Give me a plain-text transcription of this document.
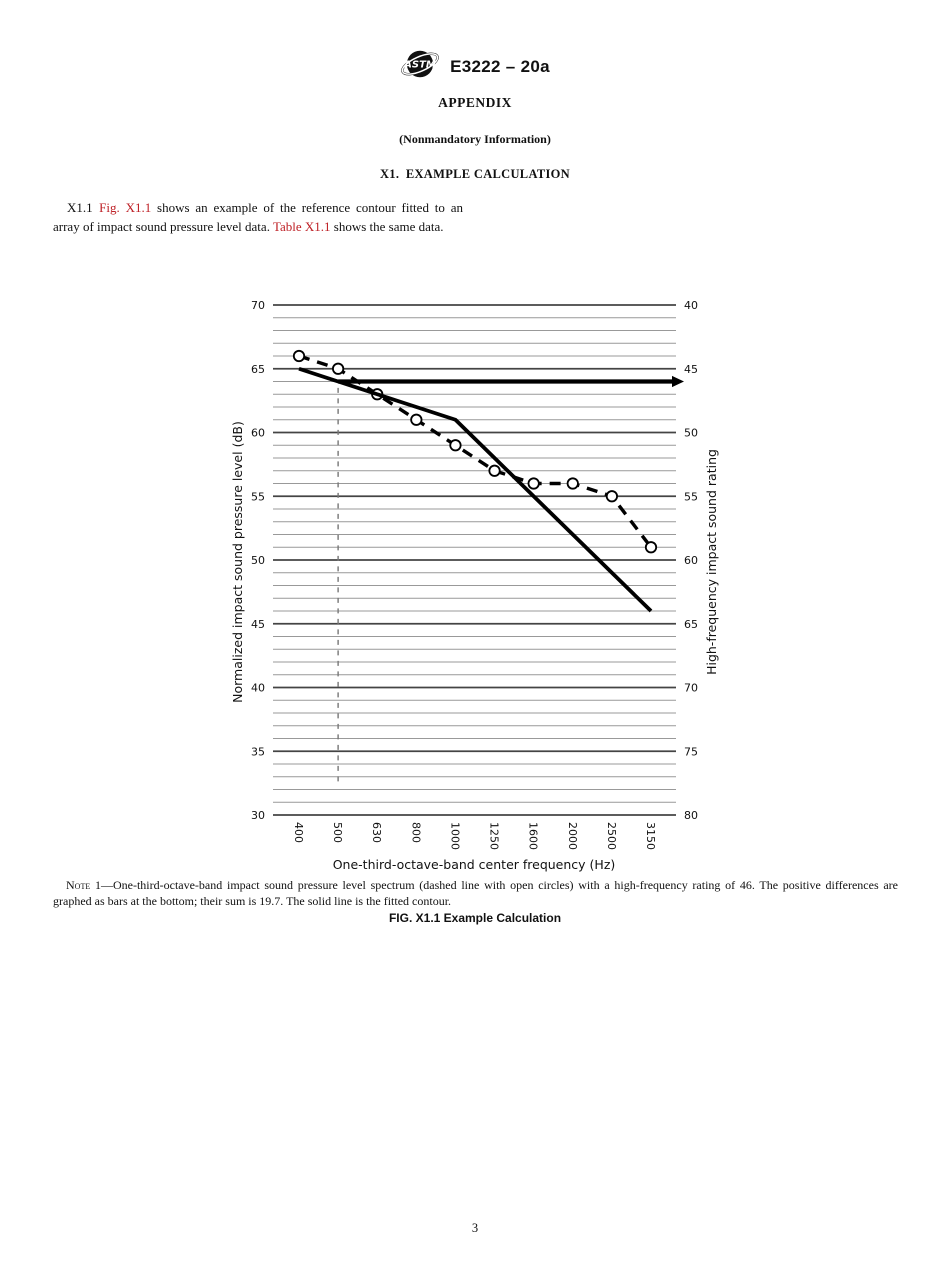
ASTM E3222 – 20a
APPENDIX
(Nonmandatory Information)
X1. EXAMPLE CALCULATION

X1.1 Fig. X1.1 shows an example of the reference contour fitted to an array of impact sound pressure level data. Table X1.1 shows the same data.

30	80
35	75
40	70
45	65
50	60
55	55
60	50
65	45
70	40
400 500 630 800 1000 1250 1600 2000 2500 3150
One-third-octave-band center frequency (Hz)
Normalized impact sound pressure level (dB)	High-frequency impact sound rating

Note 1—One-third-octave-band impact sound pressure level spectrum (dashed line with open circles) with a high-frequency rating of 46. The positive differences are graphed as bars at the bottom; their sum is 19.7. The solid line is the fitted contour.

FIG. X1.1 Example Calculation
3
